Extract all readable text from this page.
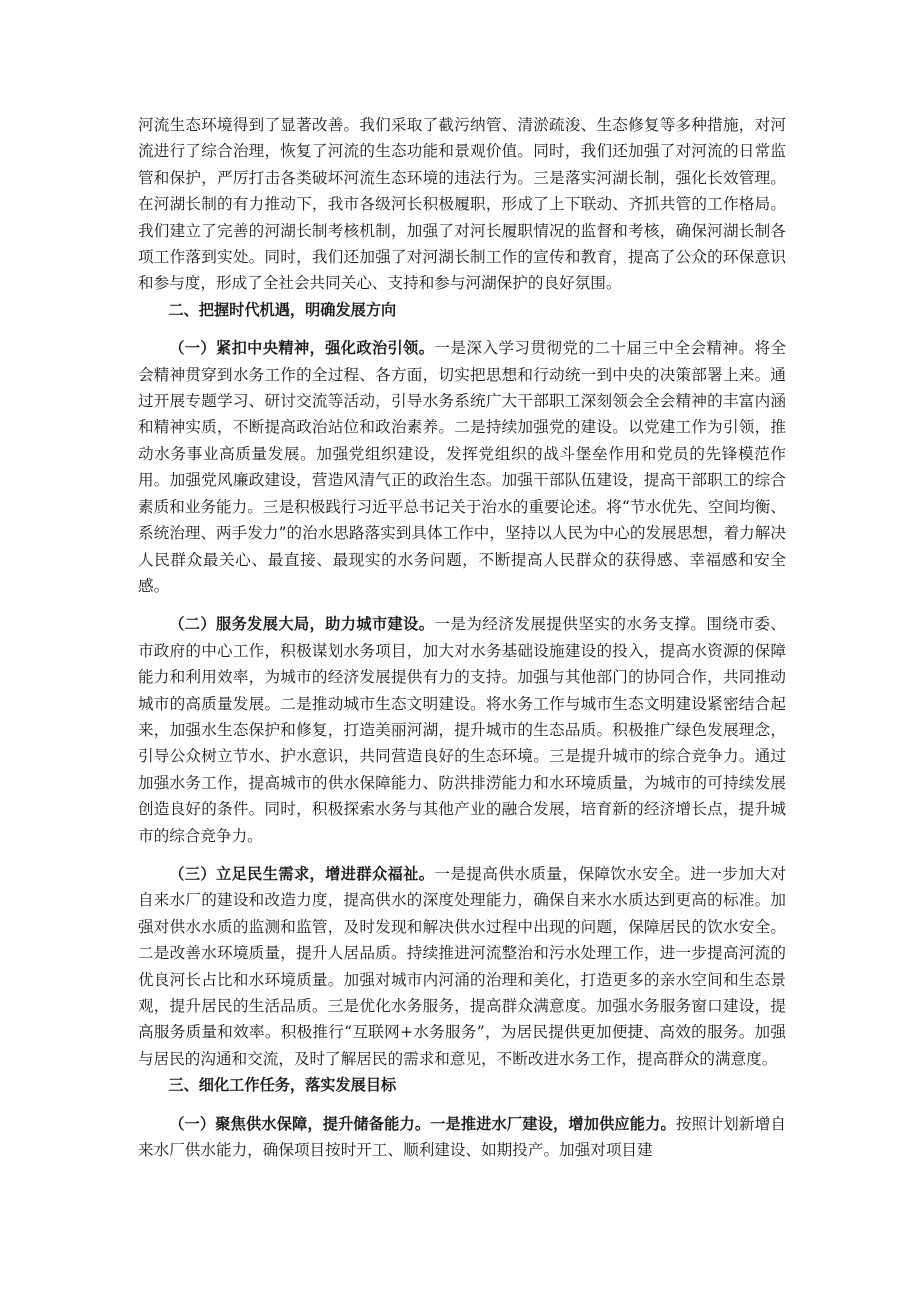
河流生态环境得到了显著改善。我们采取了截污纳管、清淤疏浚、生态修复等多种措施，对河流进行了综合治理，恢复了河流的生态功能和景观价值。同时，我们还加强了对河流的日常监管和保护，严厉打击各类破坏河流生态环境的违法行为。三是落实河湖长制，强化长效管理。在河湖长制的有力推动下，我市各级河长积极履职，形成了上下联动、齐抓共管的工作格局。我们建立了完善的河湖长制考核机制，加强了对河长履职情况的监督和考核，确保河湖长制各项工作落到实处。同时，我们还加强了对河湖长制工作的宣传和教育，提高了公众的环保意识和参与度，形成了全社会共同关心、支持和参与河湖保护的良好氛围。

二、把握时代机遇，明确发展方向

（一）紧扣中央精神，强化政治引领。一是深入学习贯彻党的二十届三中全会精神。将全会精神贯穿到水务工作的全过程、各方面，切实把思想和行动统一到中央的决策部署上来。通过开展专题学习、研讨交流等活动，引导水务系统广大干部职工深刻领会全会精神的丰富内涵和精神实质，不断提高政治站位和政治素养。二是持续加强党的建设。以党建工作为引领，推动水务事业高质量发展。加强党组织建设，发挥党组织的战斗堡垒作用和党员的先锋模范作用。加强党风廉政建设，营造风清气正的政治生态。加强干部队伍建设，提高干部职工的综合素质和业务能力。三是积极践行习近平总书记关于治水的重要论述。将“节水优先、空间均衡、系统治理、两手发力”的治水思路落实到具体工作中，坚持以人民为中心的发展思想，着力解决人民群众最关心、最直接、最现实的水务问题，不断提高人民群众的获得感、幸福感和安全感。

（二）服务发展大局，助力城市建设。一是为经济发展提供坚实的水务支撑。围绕市委、市政府的中心工作，积极谋划水务项目，加大对水务基础设施建设的投入，提高水资源的保障能力和利用效率，为城市的经济发展提供有力的支持。加强与其他部门的协同合作，共同推动城市的高质量发展。二是推动城市生态文明建设。将水务工作与城市生态文明建设紧密结合起来，加强水生态保护和修复，打造美丽河湖，提升城市的生态品质。积极推广绿色发展理念，引导公众树立节水、护水意识，共同营造良好的生态环境。三是提升城市的综合竞争力。通过加强水务工作，提高城市的供水保障能力、防洪排涝能力和水环境质量，为城市的可持续发展创造良好的条件。同时，积极探索水务与其他产业的融合发展，培育新的经济增长点，提升城市的综合竞争力。

（三）立足民生需求，增进群众福祉。一是提高供水质量，保障饮水安全。进一步加大对自来水厂的建设和改造力度，提高供水的深度处理能力，确保自来水水质达到更高的标准。加强对供水水质的监测和监管，及时发现和解决供水过程中出现的问题，保障居民的饮水安全。二是改善水环境质量，提升人居品质。持续推进河流整治和污水处理工作，进一步提高河流的优良河长占比和水环境质量。加强对城市内河涌的治理和美化，打造更多的亲水空间和生态景观，提升居民的生活品质。三是优化水务服务，提高群众满意度。加强水务服务窗口建设，提高服务质量和效率。积极推行“互联网+水务服务”，为居民提供更加便捷、高效的服务。加强与居民的沟通和交流，及时了解居民的需求和意见，不断改进水务工作，提高群众的满意度。

三、细化工作任务，落实发展目标

（一）聚焦供水保障，提升储备能力。一是推进水厂建设，增加供应能力。按照计划新增自来水厂供水能力，确保项目按时开工、顺利建设、如期投产。加强对项目建
